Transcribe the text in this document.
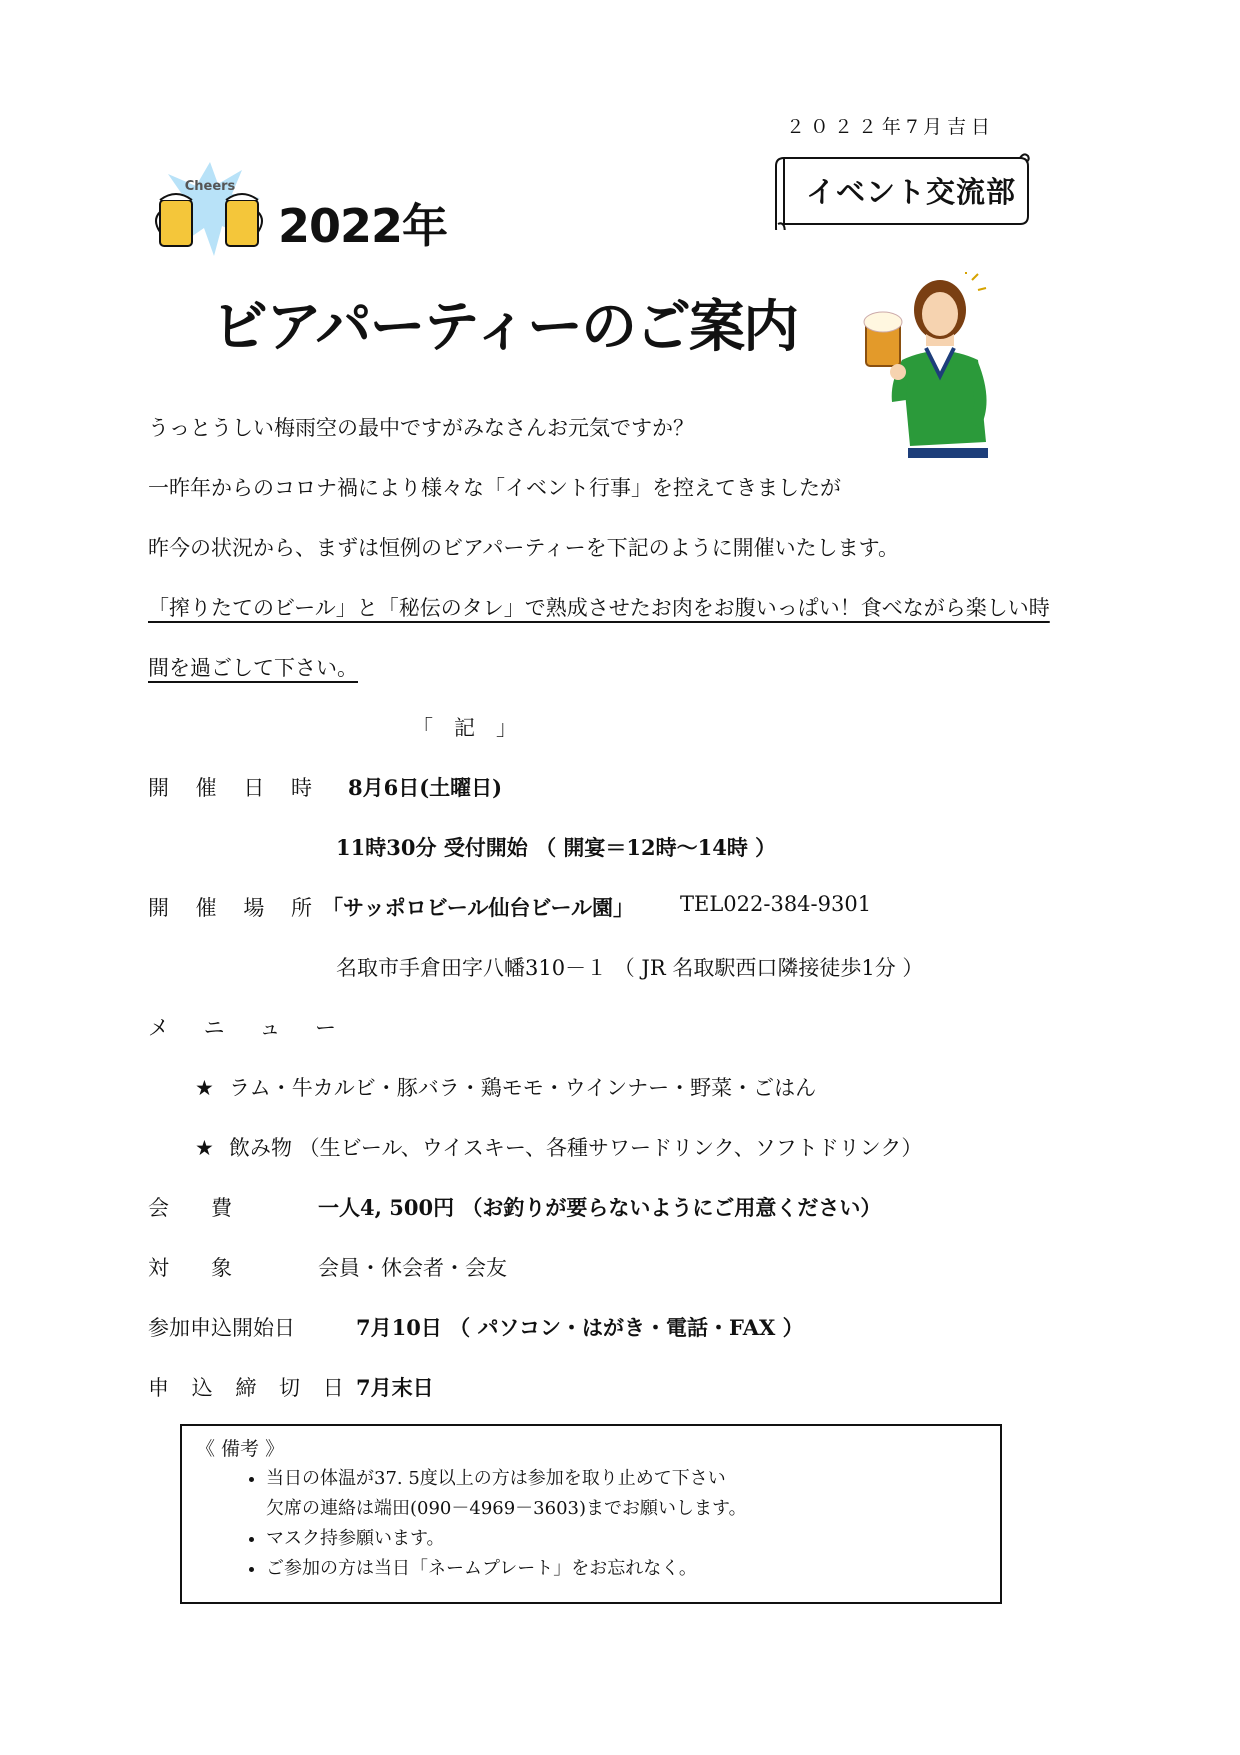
２０２２年7月吉日
イベント交流部
Cheers
2022年
ビアパーティーのご案内
うっとうしい梅雨空の最中ですがみなさんお元気ですか？
一昨年からのコロナ禍により様々な「イベント行事」を控えてきましたが
昨今の状況から、まずは恒例のビアパーティーを下記のように開催いたします。
「搾りたてのビール」と「秘伝のタレ」で熟成させたお肉をお腹いっぱい！食べながら楽しい時
間を過ごして下さい。
「　記　」
開 催 日 時 8月6日(土曜日)
11時30分 受付開始 （ 開宴＝12時〜14時 ）
開 催 場 所 「サッポロビール仙台ビール園」 TEL022-384-9301
名取市手倉田字八幡310－１ （ JR 名取駅西口隣接徒歩1分 ）
メ ニ ュ ー
★ ラム・牛カルビ・豚バラ・鶏モモ・ウインナー・野菜・ごはん
★ 飲み物 （生ビール、ウイスキー、各種サワードリンク、ソフトドリンク）
会　　費	一人4, 500円 （お釣りが要らないようにご用意ください）
対　　象	会員・休会者・会友
参加申込開始日	7月10日 （ パソコン・はがき・電話・FAX ）
申 込 締 切 日 7月末日
《 備考 》
• 当日の体温が37. 5度以上の方は参加を取り止めて下さい
欠席の連絡は端田(090－4969－3603)までお願いします。
• マスク持参願います。
• ご参加の方は当日「ネームプレート」をお忘れなく。
